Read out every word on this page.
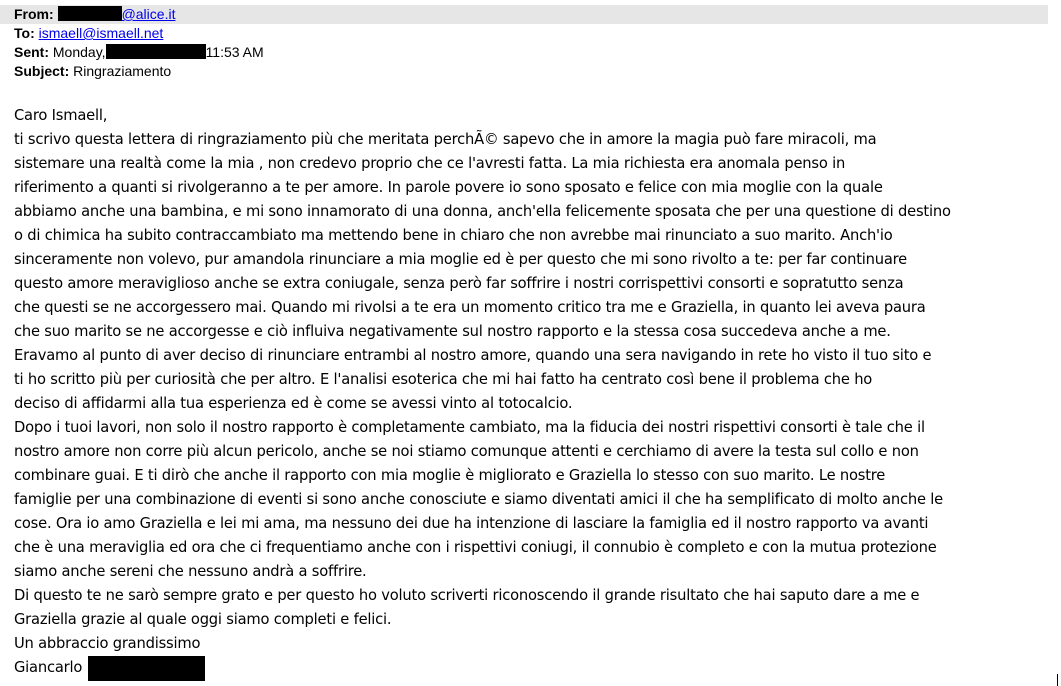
From:	@alice.it
To: ismaell@ismaell.net
Sent: Monday,	11:53 AM
Subject: Ringraziamento
Caro Ismaell,
ti scrivo questa lettera di ringraziamento più che meritata perchÃ© sapevo che in amore la magia può fare miracoli, ma
sistemare una realtà come la mia , non credevo proprio che ce l'avresti fatta. La mia richiesta era anomala penso in
riferimento a quanti si rivolgeranno a te per amore. In parole povere io sono sposato e felice con mia moglie con la quale
abbiamo anche una bambina, e mi sono innamorato di una donna, anch'ella felicemente sposata che per una questione di destino
o di chimica ha subito contraccambiato ma mettendo bene in chiaro che non avrebbe mai rinunciato a suo marito. Anch'io
sinceramente non volevo, pur amandola rinunciare a mia moglie ed è per questo che mi sono rivolto a te: per far continuare
questo amore meraviglioso anche se extra coniugale, senza però far soffrire i nostri corrispettivi consorti e sopratutto senza
che questi se ne accorgessero mai. Quando mi rivolsi a te era un momento critico tra me e Graziella, in quanto lei aveva paura
che suo marito se ne accorgesse e ciò influiva negativamente sul nostro rapporto e la stessa cosa succedeva anche a me.
Eravamo al punto di aver deciso di rinunciare entrambi al nostro amore, quando una sera navigando in rete ho visto il tuo sito e
ti ho scritto più per curiosità che per altro. E l'analisi esoterica che mi hai fatto ha centrato così bene il problema che ho
deciso di affidarmi alla tua esperienza ed è come se avessi vinto al totocalcio.
Dopo i tuoi lavori, non solo il nostro rapporto è completamente cambiato, ma la fiducia dei nostri rispettivi consorti è tale che il
nostro amore non corre più alcun pericolo, anche se noi stiamo comunque attenti e cerchiamo di avere la testa sul collo e non
combinare guai. E ti dirò che anche il rapporto con mia moglie è migliorato e Graziella lo stesso con suo marito. Le nostre
famiglie per una combinazione di eventi si sono anche conosciute e siamo diventati amici il che ha semplificato di molto anche le
cose. Ora io amo Graziella e lei mi ama, ma nessuno dei due ha intenzione di lasciare la famiglia ed il nostro rapporto va avanti
che è una meraviglia ed ora che ci frequentiamo anche con i rispettivi coniugi, il connubio è completo e con la mutua protezione
siamo anche sereni che nessuno andrà a soffrire.
Di questo te ne sarò sempre grato e per questo ho voluto scriverti riconoscendo il grande risultato che hai saputo dare a me e
Graziella grazie al quale oggi siamo completi e felici.
Un abbraccio grandissimo
Giancarlo
